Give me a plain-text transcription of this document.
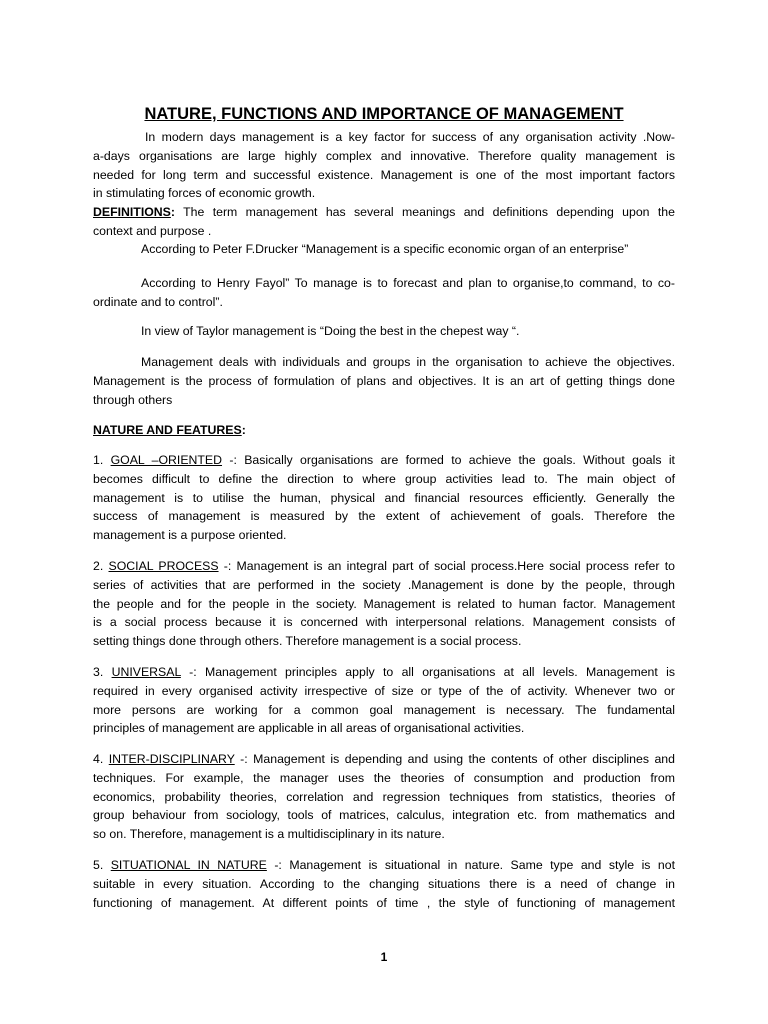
NATURE, FUNCTIONS AND IMPORTANCE OF MANAGEMENT
In modern days management is a key factor for success of any organisation activity .Now-
a-days organisations are large highly complex and innovative. Therefore quality management is
needed for long term and successful existence. Management is one of the most important factors
in stimulating forces of economic growth.
DEFINITIONS: The term management has several meanings and definitions depending upon the
context and purpose .
According to Peter F.Drucker “Management is a specific economic organ of an enterprise”
According to Henry Fayol” To manage is to forecast and plan to organise,to command, to co-
ordinate and to control”.
In view of Taylor management is “Doing the best in the chepest way “.
Management deals with individuals and groups in the organisation to achieve the objectives.
Management is the process of formulation of plans and objectives. It is an art of getting things done
through others
NATURE AND FEATURES:
1. GOAL –ORIENTED -: Basically organisations are formed to achieve the goals. Without goals it
becomes difficult to define the direction to where group activities lead to. The main object of
management is to utilise the human, physical and financial resources efficiently. Generally the
success of management is measured by the extent of achievement of goals. Therefore the
management is a purpose oriented.
2. SOCIAL PROCESS -: Management is an integral part of social process.Here social process refer to
series of activities that are performed in the society .Management is done by the people, through
the people and for the people in the society. Management is related to human factor. Management
is a social process because it is concerned with interpersonal relations. Management consists of
setting things done through others. Therefore management is a social process.
3. UNIVERSAL -: Management principles apply to all organisations at all levels. Management is
required in every organised activity irrespective of size or type of the of activity. Whenever two or
more persons are working for a common goal management is necessary. The fundamental
principles of management are applicable in all areas of organisational activities.
4. INTER-DISCIPLINARY -: Management is depending and using the contents of other disciplines and
techniques. For example, the manager uses the theories of consumption and production from
economics, probability theories, correlation and regression techniques from statistics, theories of
group behaviour from sociology, tools of matrices, calculus, integration etc. from mathematics and
so on. Therefore, management is a multidisciplinary in its nature.
5. SITUATIONAL IN NATURE -: Management is situational in nature. Same type and style is not
suitable in every situation. According to the changing situations there is a need of change in
functioning of management. At different points of time , the style of functioning of management
1
